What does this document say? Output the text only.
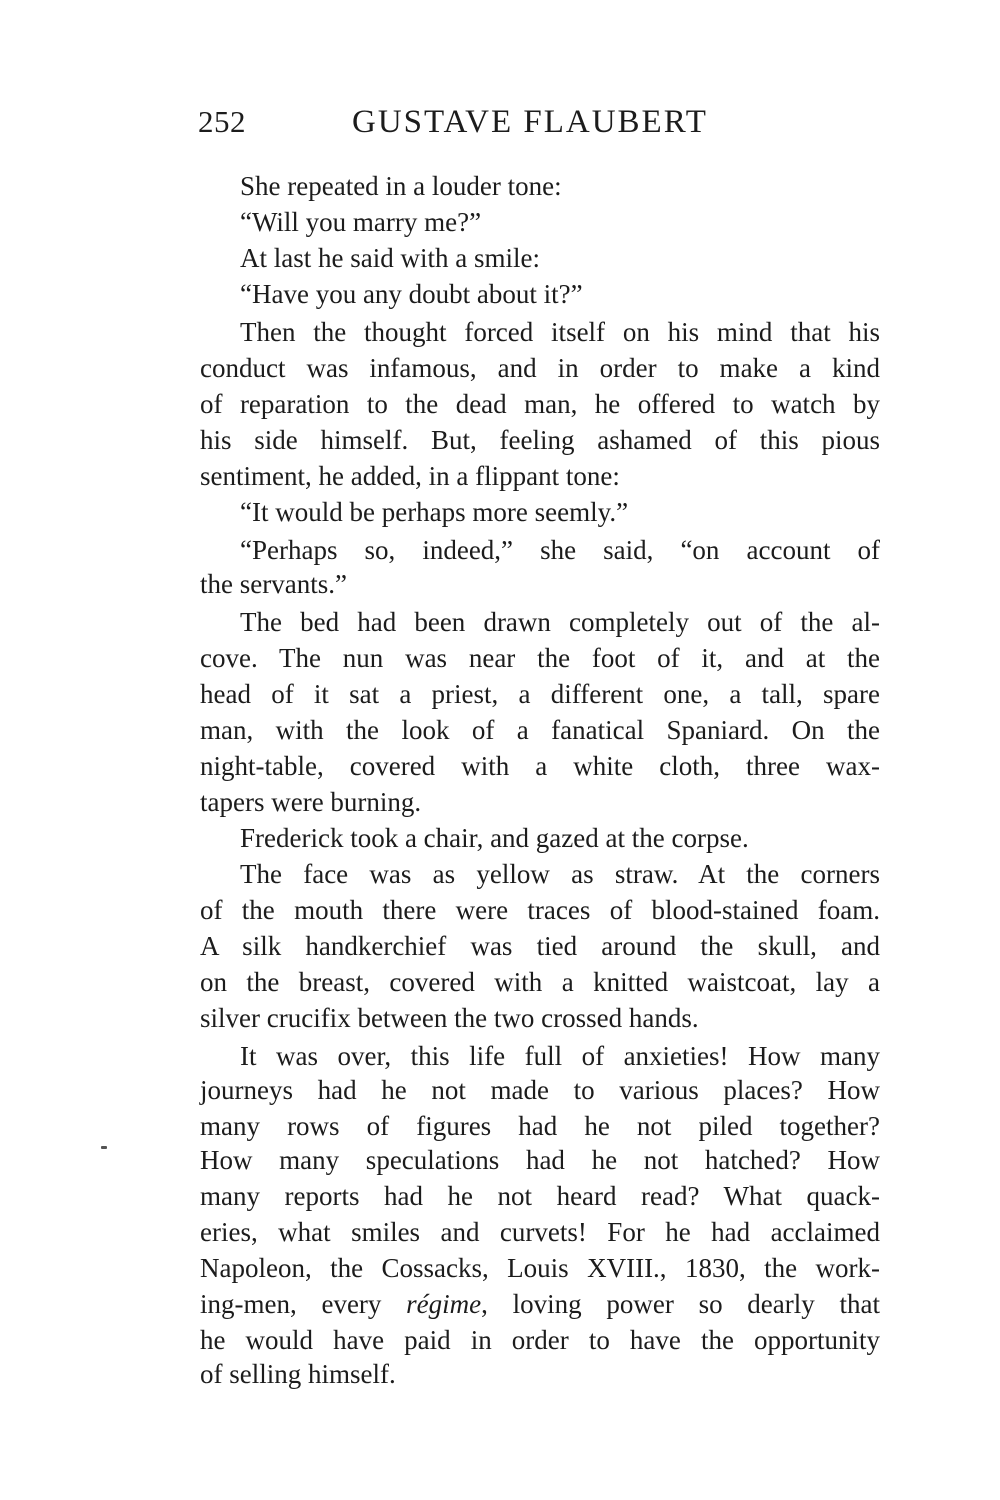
252	GUSTAVE FLAUBERT
She repeated in a louder tone:
“Will you marry me?”
At last he said with a smile:
“Have you any doubt about it?”
Then the thought forced itself on his mind that his
conduct was infamous, and in order to make a kind
of reparation to the dead man, he offered to watch by
his side himself. But, feeling ashamed of this pious
sentiment, he added, in a flippant tone:
“It would be perhaps more seemly.”
“Perhaps so, indeed,” she said, “on account of
the servants.”
The bed had been drawn completely out of the al-
cove. The nun was near the foot of it, and at the
head of it sat a priest, a different one, a tall, spare
man, with the look of a fanatical Spaniard. On the
night-table, covered with a white cloth, three wax-
tapers were burning.
Frederick took a chair, and gazed at the corpse.
The face was as yellow as straw. At the corners
of the mouth there were traces of blood-stained foam.
A silk handkerchief was tied around the skull, and
on the breast, covered with a knitted waistcoat, lay a
silver crucifix between the two crossed hands.
It was over, this life full of anxieties! How many
journeys had he not made to various places? How
many rows of figures had he not piled together?
How many speculations had he not hatched? How
many reports had he not heard read? What quack-
eries, what smiles and curvets! For he had acclaimed
Napoleon, the Cossacks, Louis XVIII., 1830, the work-
ing-men, every régime, loving power so dearly that
he would have paid in order to have the opportunity
of selling himself.
